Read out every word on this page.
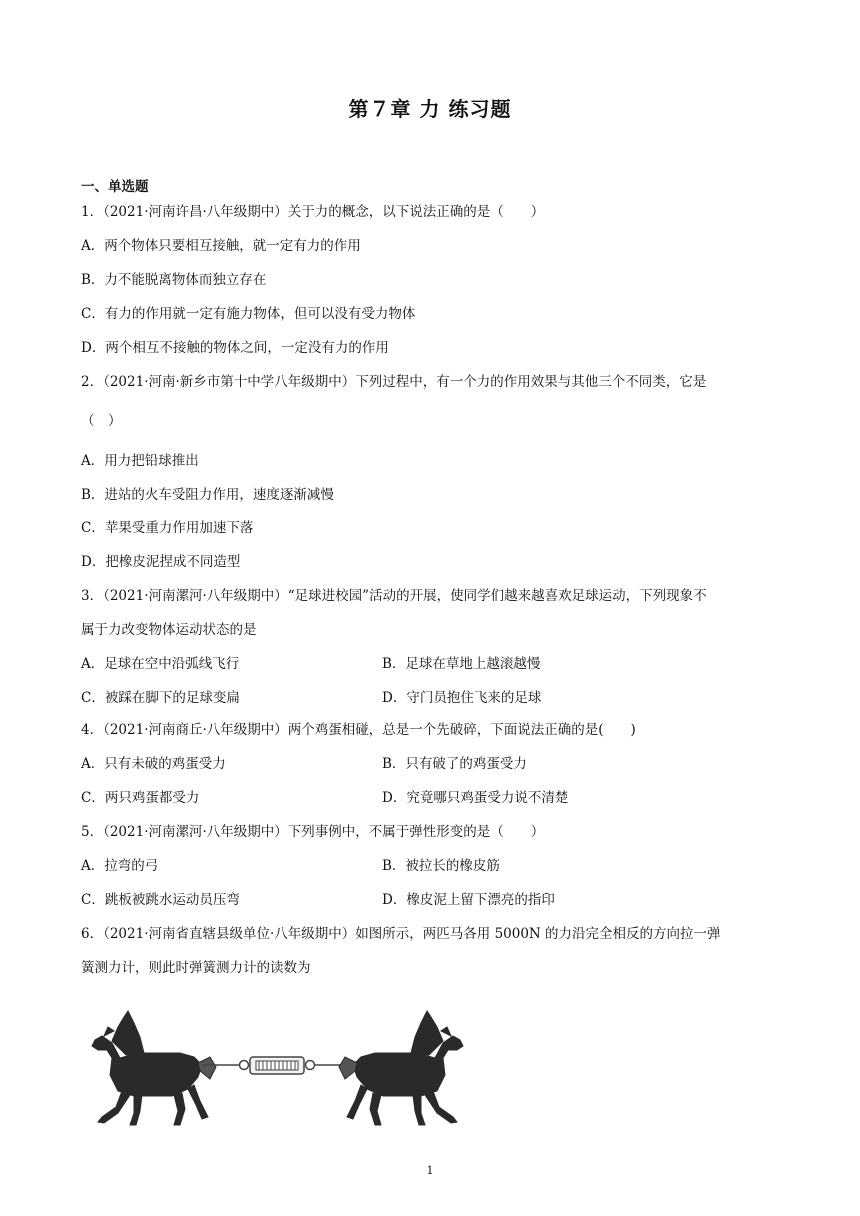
第７章 力 练习题
一、单选题
1．（2021·河南许昌·八年级期中）关于力的概念，以下说法正确的是（　　）
A．两个物体只要相互接触，就一定有力的作用
B．力不能脱离物体而独立存在
C．有力的作用就一定有施力物体，但可以没有受力物体
D．两个相互不接触的物体之间，一定没有力的作用
2．（2021·河南·新乡市第十中学八年级期中）下列过程中，有一个力的作用效果与其他三个不同类，它是
（　）
A．用力把铅球推出
B．进站的火车受阻力作用，速度逐渐减慢
C．苹果受重力作用加速下落
D．把橡皮泥捏成不同造型
3．（2021·河南漯河·八年级期中）“足球进校园”活动的开展，使同学们越来越喜欢足球运动，下列现象不
属于力改变物体运动状态的是
A．足球在空中沿弧线飞行	B．足球在草地上越滚越慢
C．被踩在脚下的足球变扁	D．守门员抱住飞来的足球
4．（2021·河南商丘·八年级期中）两个鸡蛋相碰，总是一个先破碎，下面说法正确的是(　　)
A．只有未破的鸡蛋受力	B．只有破了的鸡蛋受力
C．两只鸡蛋都受力	D．究竟哪只鸡蛋受力说不清楚
5．（2021·河南漯河·八年级期中）下列事例中，不属于弹性形变的是（　　）
A．拉弯的弓	B．被拉长的橡皮筋
C．跳板被跳水运动员压弯	D．橡皮泥上留下漂亮的指印
6．（2021·河南省直辖县级单位·八年级期中）如图所示，两匹马各用 5000N 的力沿完全相反的方向拉一弹
簧测力计，则此时弹簧测力计的读数为
1
